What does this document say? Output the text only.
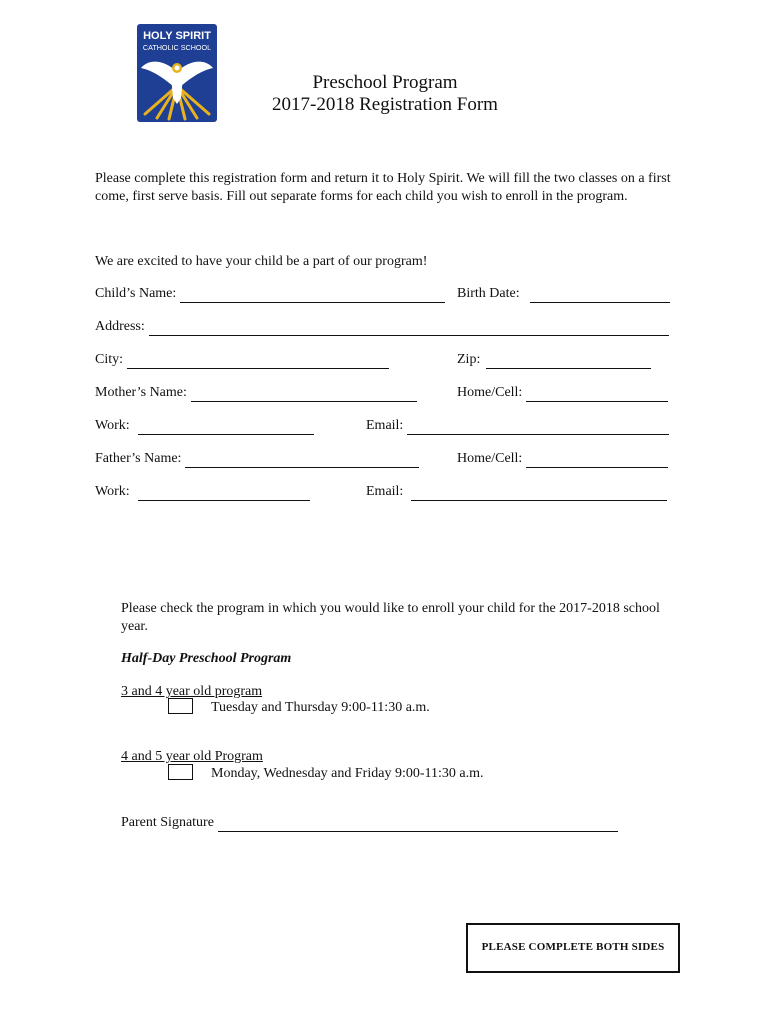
HOLY SPIRIT
CATHOLIC SCHOOL
Preschool Program
2017-2018 Registration Form
Please complete this registration form and return it to Holy Spirit. We will fill the two classes on a first come, first serve basis. Fill out separate forms for each child you wish to enroll in the program.
We are excited to have your child be a part of our program!
Child’s Name:	Birth Date:
Address:
City:	Zip:
Mother’s Name:	Home/Cell:
Work:	Email:
Father’s Name:	Home/Cell:
Work:	Email:
Please check the program in which you would like to enroll your child for the 2017-2018 school year.
Half-Day Preschool Program
3 and 4 year old program
Tuesday and Thursday 9:00-11:30 a.m.
4 and 5 year old Program
Monday, Wednesday and Friday 9:00-11:30 a.m.
Parent Signature
PLEASE COMPLETE BOTH SIDES
